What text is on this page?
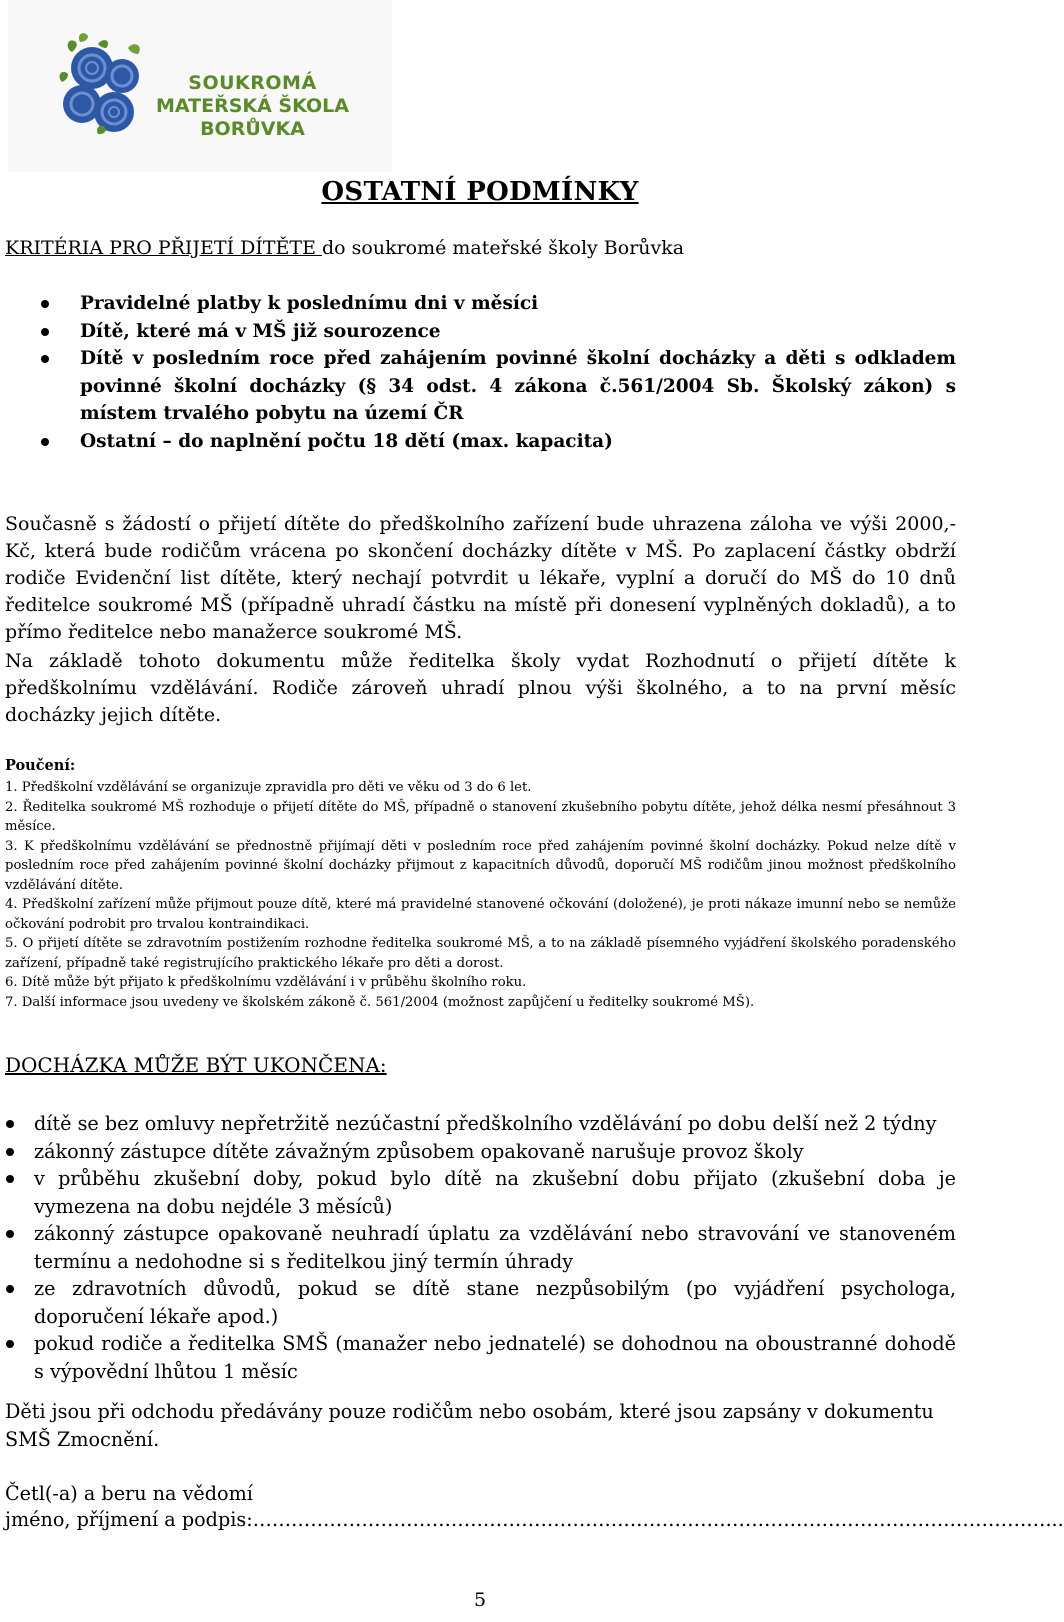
SOUKROMÁ
MATEŘSKÁ ŠKOLA
BORŮVKA
OSTATNÍ PODMÍNKY
KRITÉRIA PRO PŘIJETÍ DÍTĚTE do soukromé mateřské školy Borůvka
Pravidelné platby k poslednímu dni v měsíci
Dítě, které má v MŠ již sourozence
Dítě v posledním roce před zahájením povinné školní docházky a děti s odkladem povinné školní docházky (§ 34 odst. 4 zákona č.561/2004 Sb. Školský zákon) s místem trvalého pobytu na území ČR
Ostatní – do naplnění počtu 18 dětí (max. kapacita)
Současně s žádostí o přijetí dítěte do předškolního zařízení bude uhrazena záloha ve výši 2000,- Kč, která bude rodičům vrácena po skončení docházky dítěte v MŠ. Po zaplacení částky obdrží rodiče Evidenční list dítěte, který nechají potvrdit u lékaře, vyplní a doručí do MŠ do 10 dnů ředitelce soukromé MŠ (případně uhradí částku na místě při donesení vyplněných dokladů), a to přímo ředitelce nebo manažerce soukromé MŠ.
Na základě tohoto dokumentu může ředitelka školy vydat Rozhodnutí o přijetí dítěte k předškolnímu vzdělávání. Rodiče zároveň uhradí plnou výši školného, a to na první měsíc docházky jejich dítěte.
Poučení:
1. Předškolní vzdělávání se organizuje zpravidla pro děti ve věku od 3 do 6 let.
2. Ředitelka soukromé MŠ rozhoduje o přijetí dítěte do MŠ, případně o stanovení zkušebního pobytu dítěte, jehož délka nesmí přesáhnout 3 měsíce.
3. K předškolnímu vzdělávání se přednostně přijímají děti v posledním roce před zahájením povinné školní docházky. Pokud nelze dítě v posledním roce před zahájením povinné školní docházky přijmout z kapacitních důvodů, doporučí MŠ rodičům jinou možnost předškolního vzdělávání dítěte.
4. Předškolní zařízení může přijmout pouze dítě, které má pravidelné stanovené očkování (doložené), je proti nákaze imunní nebo se nemůže očkování podrobit pro trvalou kontraindikaci.
5. O přijetí dítěte se zdravotním postižením rozhodne ředitelka soukromé MŠ, a to na základě písemného vyjádření školského poradenského zařízení, případně také registrujícího praktického lékaře pro děti a dorost.
6. Dítě může být přijato k předškolnímu vzdělávání i v průběhu školního roku.
7. Další informace jsou uvedeny ve školském zákoně č. 561/2004 (možnost zapůjčení u ředitelky soukromé MŠ).
DOCHÁZKA MŮŽE BÝT UKONČENA:
dítě se bez omluvy nepřetržitě nezúčastní předškolního vzdělávání po dobu delší než 2 týdny
zákonný zástupce dítěte závažným způsobem opakovaně narušuje provoz školy
v průběhu zkušební doby, pokud bylo dítě na zkušební dobu přijato (zkušební doba je vymezena na dobu nejdéle 3 měsíců)
zákonný zástupce opakovaně neuhradí úplatu za vzdělávání nebo stravování ve stanoveném termínu a nedohodne si s ředitelkou jiný termín úhrady
ze zdravotních důvodů, pokud se dítě stane nezpůsobilým (po vyjádření psychologa, doporučení lékaře apod.)
pokud rodiče a ředitelka SMŠ (manažer nebo jednatelé) se dohodnou na oboustranné dohodě s výpovědní lhůtou 1 měsíc
Děti jsou při odchodu předávány pouze rodičům nebo osobám, které jsou zapsány v dokumentu SMŠ Zmocnění.
Četl(-a) a beru na vědomí
jméno, příjmení a podpis:………………………………………………….…………………………………………………………...
5
